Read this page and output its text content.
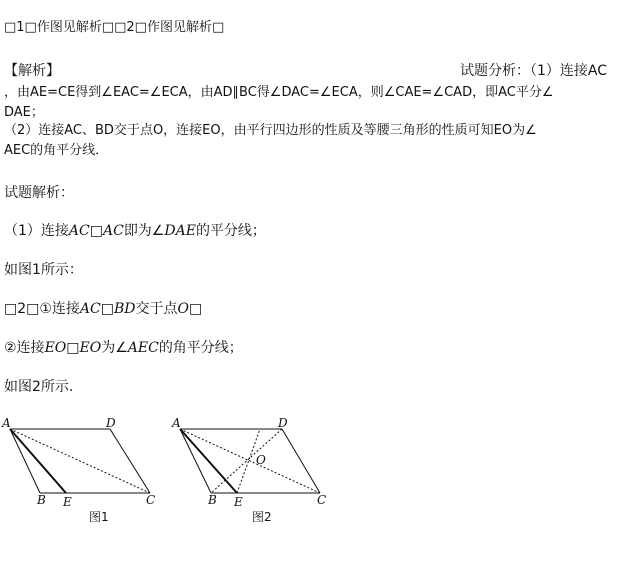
□1□作图见解析□□2□作图见解析□
【解析】	试题分析：（1）连接AC
，由AE=CE得到∠EAC=∠ECA，由AD∥BC得∠DAC=∠ECA，则∠CAE=∠CAD，即AC平分∠
DAE；
（2）连接AC、BD交于点O，连接EO，由平行四边形的性质及等腰三角形的性质可知EO为∠
AEC的角平分线．
试题解析：
（1）连接AC□AC即为∠DAE的平分线；
如图1所示：
□2□①连接AC□BD交于点O□
②连接EO□EO为∠AEC的角平分线；
如图2所示．
A	D
B E	C
图1
A	D
B E	C
O
图2
